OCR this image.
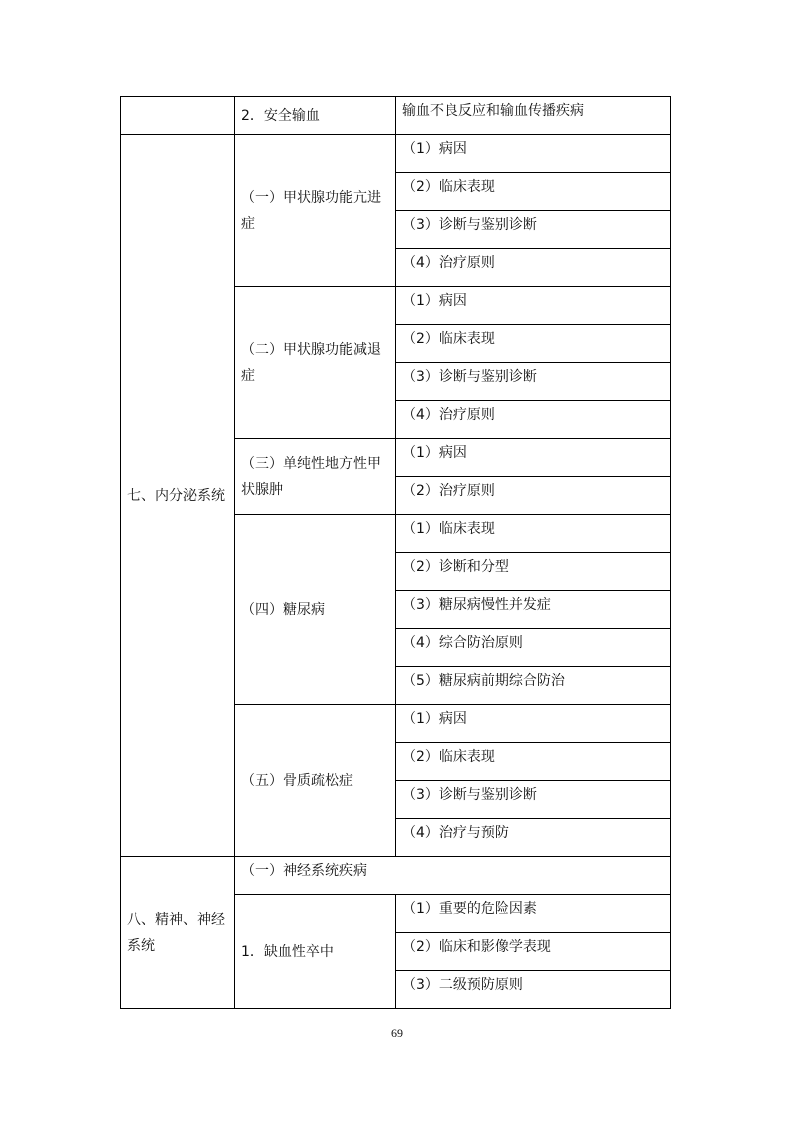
	2．安全输血	输血不良反应和输血传播疾病
七、内分泌系统	（一）甲状腺功能亢进症	（1）病因
		（2）临床表现
		（3）诊断与鉴别诊断
		（4）治疗原则
	（二）甲状腺功能减退症	（1）病因
		（2）临床表现
		（3）诊断与鉴别诊断
		（4）治疗原则
	（三）单纯性地方性甲状腺肿	（1）病因
		（2）治疗原则
	（四）糖尿病	（1）临床表现
		（2）诊断和分型
		（3）糖尿病慢性并发症
		（4）综合防治原则
		（5）糖尿病前期综合防治
	（五）骨质疏松症	（1）病因
		（2）临床表现
		（3）诊断与鉴别诊断
		（4）治疗与预防
八、精神、神经系统	（一）神经系统疾病	
	1．缺血性卒中	（1）重要的危险因素
		（2）临床和影像学表现
		（3）二级预防原则
69
